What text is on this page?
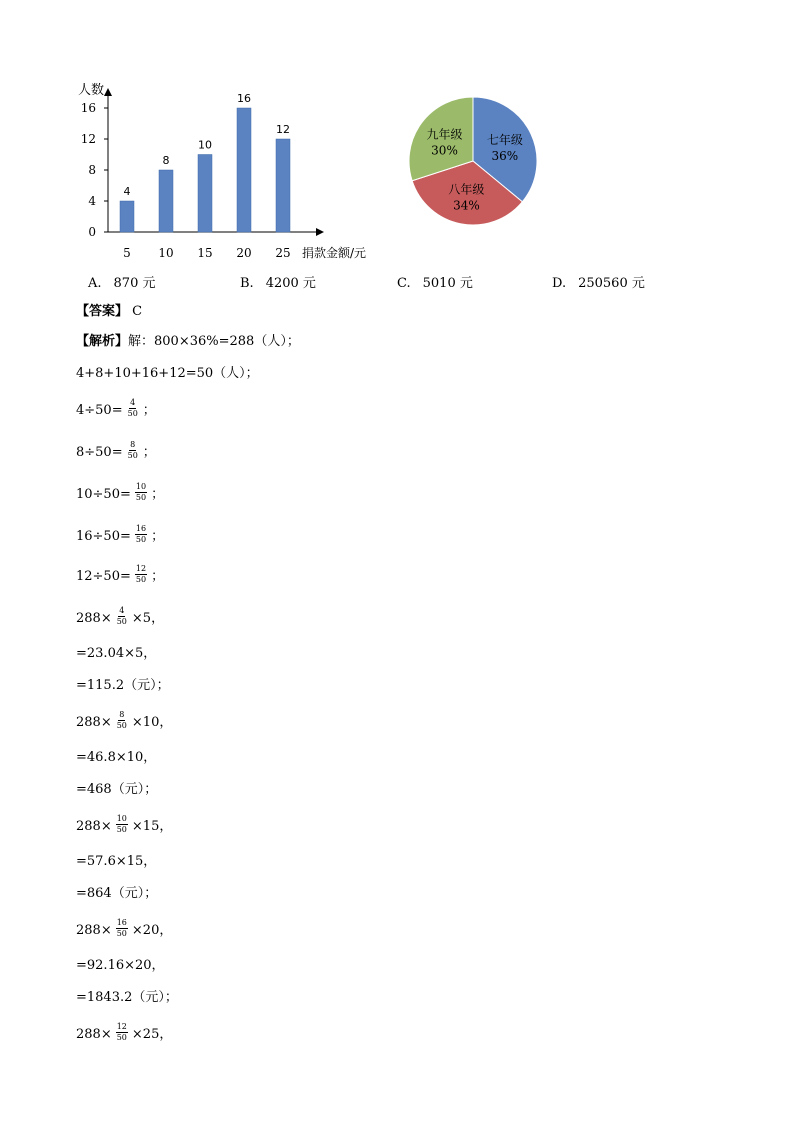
人数
捐款金额/元
0
4
8
12
16
4
5
8
10
10
15
16
20
12
25
七年级
36%
八年级
34%
九年级
30%
A. 870 元	B. 4200 元	C. 5010 元	D. 250560 元
【答案】 C
【解析】解：800×36%=288（人）；
4+8+10+16+12=50（人）；
$4\div 50= \frac{4}{50}$ ；
$8\div 50= \frac{8}{50}$ ；
$10\div 50= \frac{10}{50}$ ；
$16\div 50= \frac{16}{50}$ ；
$12\div 50= \frac{12}{50}$ ；
$288\times \frac{4}{50} \times 5$，
=23.04×5，
=115.2（元）；
$288\times \frac{8}{50} \times 10$，
=46.8×10，
=468（元）；
$288\times \frac{10}{50} \times 15$，
=57.6×15，
=864（元）；
$288\times \frac{16}{50} \times 20$，
=92.16×20，
=1843.2（元）；
$288\times \frac{12}{50} \times 25$，
